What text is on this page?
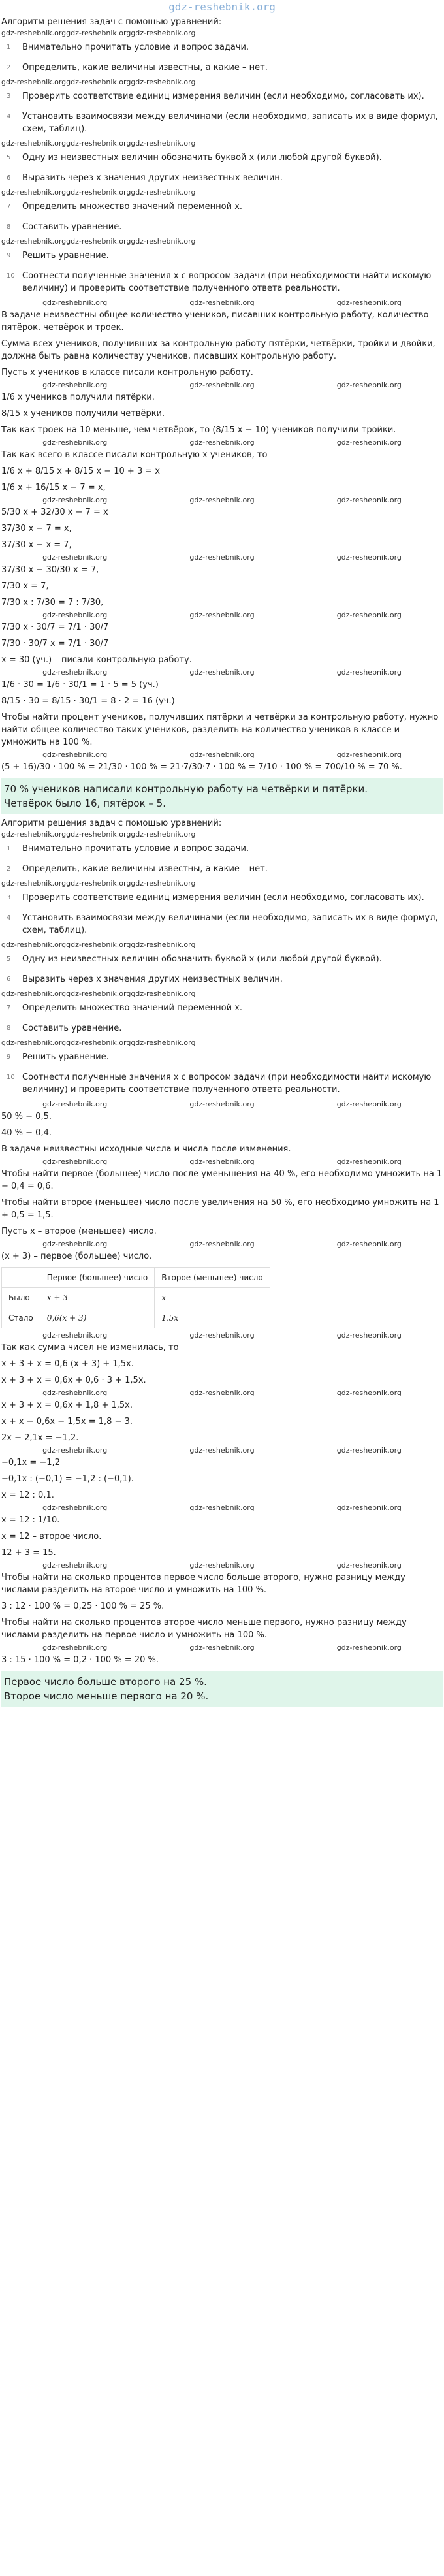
gdz-reshebnik.org
Алгоритм решения задач с помощью уравнений:
gdz-reshebnik.org gdz-reshebnik.org gdz-reshebnik.org
1	Внимательно прочитать условие и вопрос задачи.
2	Определить, какие величины известны, а какие – нет.
gdz-reshebnik.org gdz-reshebnik.org gdz-reshebnik.org
3	Проверить соответствие единиц измерения величин (если необходимо, согласовать их).
4	Установить взаимосвязи между величинами (если необходимо, записать их в виде формул, схем, таблиц).
gdz-reshebnik.org gdz-reshebnik.org gdz-reshebnik.org
5	Одну из неизвестных величин обозначить буквой x (или любой другой буквой).
6	Выразить через x значения других неизвестных величин.
gdz-reshebnik.org gdz-reshebnik.org gdz-reshebnik.org
7	Определить множество значений переменной x.
8	Составить уравнение.
gdz-reshebnik.org gdz-reshebnik.org gdz-reshebnik.org
9	Решить уравнение.
10 Соотнести полученные значения x с вопросом задачи (при необходимости найти искомую величину) и проверить соответствие полученного ответа реальности.
gdz-reshebnik.org	gdz-reshebnik.org	gdz-reshebnik.org

В задаче неизвестны общее количество учеников, писавших контрольную работу, количество пятёрок, четвёрок и троек.

Сумма всех учеников, получивших за контрольную работу пятёрки, четвёрки, тройки и двойки, должна быть равна количеству учеников, писавших контрольную работу.

Пусть x учеников в классе писали контрольную работу.

gdz-reshebnik.org	gdz-reshebnik.org	gdz-reshebnik.org

1/6 x учеников получили пятёрки.

8/15 x учеников получили четвёрки.

Так как троек на 10 меньше, чем четвёрок, то (8/15 x − 10) учеников получили тройки.

gdz-reshebnik.org	gdz-reshebnik.org	gdz-reshebnik.org

Так как всего в классе писали контрольную x учеников, то

1/6 x + 8/15 x + 8/15 x − 10 + 3 = x

1/6 x + 16/15 x − 7 = x,

gdz-reshebnik.org	gdz-reshebnik.org	gdz-reshebnik.org

5/30 x + 32/30 x − 7 = x

37/30 x − 7 = x,

37/30 x − x = 7,

gdz-reshebnik.org	gdz-reshebnik.org	gdz-reshebnik.org

37/30 x − 30/30 x = 7,

7/30 x = 7,

7/30 x : 7/30 = 7 : 7/30,

gdz-reshebnik.org	gdz-reshebnik.org	gdz-reshebnik.org

7/30 x · 30/7 = 7/1 · 30/7

7/30 · 30/7 x = 7/1 · 30/7

x = 30 (уч.) – писали контрольную работу.

gdz-reshebnik.org	gdz-reshebnik.org	gdz-reshebnik.org

1/6 · 30 = 1/6 · 30/1 = 1 · 5 = 5 (уч.)

8/15 · 30 = 8/15 · 30/1 = 8 · 2 = 16 (уч.)

Чтобы найти процент учеников, получивших пятёрки и четвёрки за контрольную работу, нужно найти общее количество таких учеников, разделить на количество учеников в классе и умножить на 100 %.

gdz-reshebnik.org	gdz-reshebnik.org	gdz-reshebnik.org

(5 + 16)/30 · 100 % = 21/30 · 100 % = 21·7/30·7 · 100 % = 7/10 · 100 % = 700/10 % = 70 %.

70 % учеников написали контрольную работу на четвёрки и пятёрки.
Четвёрок было 16, пятёрок – 5.
Алгоритм решения задач с помощью уравнений:
gdz-reshebnik.org gdz-reshebnik.org gdz-reshebnik.org
1	Внимательно прочитать условие и вопрос задачи.
2	Определить, какие величины известны, а какие – нет.
gdz-reshebnik.org gdz-reshebnik.org gdz-reshebnik.org
3	Проверить соответствие единиц измерения величин (если необходимо, согласовать их).
4	Установить взаимосвязи между величинами (если необходимо, записать их в виде формул, схем, таблиц).
gdz-reshebnik.org gdz-reshebnik.org gdz-reshebnik.org
5	Одну из неизвестных величин обозначить буквой x (или любой другой буквой).
6	Выразить через x значения других неизвестных величин.
gdz-reshebnik.org gdz-reshebnik.org gdz-reshebnik.org
7	Определить множество значений переменной x.
8	Составить уравнение.
gdz-reshebnik.org gdz-reshebnik.org gdz-reshebnik.org
9	Решить уравнение.
10 Соотнести полученные значения x с вопросом задачи (при необходимости найти искомую величину) и проверить соответствие полученного ответа реальности.
gdz-reshebnik.org	gdz-reshebnik.org	gdz-reshebnik.org

50 % − 0,5.

40 % − 0,4.

В задаче неизвестны исходные числа и числа после изменения.

gdz-reshebnik.org	gdz-reshebnik.org	gdz-reshebnik.org

Чтобы найти первое (большее) число после уменьшения на 40 %, его необходимо умножить на 1 − 0,4 = 0,6.

Чтобы найти второе (меньшее) число после увеличения на 50 %, его необходимо умножить на 1 + 0,5 = 1,5.

Пусть x – второе (меньшее) число.

gdz-reshebnik.org	gdz-reshebnik.org	gdz-reshebnik.org

(x + 3) – первое (большее) число.

	Первое (большее) число	Второе (меньшее) число
Было	x + 3	x
Стало	0,6(x + 3)	1,5x
gdz-reshebnik.org	gdz-reshebnik.org	gdz-reshebnik.org

Так как сумма чисел не изменилась, то

x + 3 + x = 0,6 (x + 3) + 1,5x.

x + 3 + x = 0,6x + 0,6 · 3 + 1,5x.

gdz-reshebnik.org	gdz-reshebnik.org	gdz-reshebnik.org

x + 3 + x = 0,6x + 1,8 + 1,5x.

x + x − 0,6x − 1,5x = 1,8 − 3.

2x − 2,1x = −1,2.

gdz-reshebnik.org	gdz-reshebnik.org	gdz-reshebnik.org

−0,1x = −1,2

−0,1x : (−0,1) = −1,2 : (−0,1).

x = 12 : 0,1.

gdz-reshebnik.org	gdz-reshebnik.org	gdz-reshebnik.org

x = 12 : 1/10.

x = 12 – второе число.

12 + 3 = 15.

gdz-reshebnik.org	gdz-reshebnik.org	gdz-reshebnik.org

Чтобы найти на сколько процентов первое число больше второго, нужно разницу между числами разделить на второе число и умножить на 100 %.

3 : 12 · 100 % = 0,25 · 100 % = 25 %.

Чтобы найти на сколько процентов второе число меньше первого, нужно разницу между числами разделить на первое число и умножить на 100 %.

gdz-reshebnik.org	gdz-reshebnik.org	gdz-reshebnik.org

3 : 15 · 100 % = 0,2 · 100 % = 20 %.

Первое число больше второго на 25 %.
Второе число меньше первого на 20 %.
